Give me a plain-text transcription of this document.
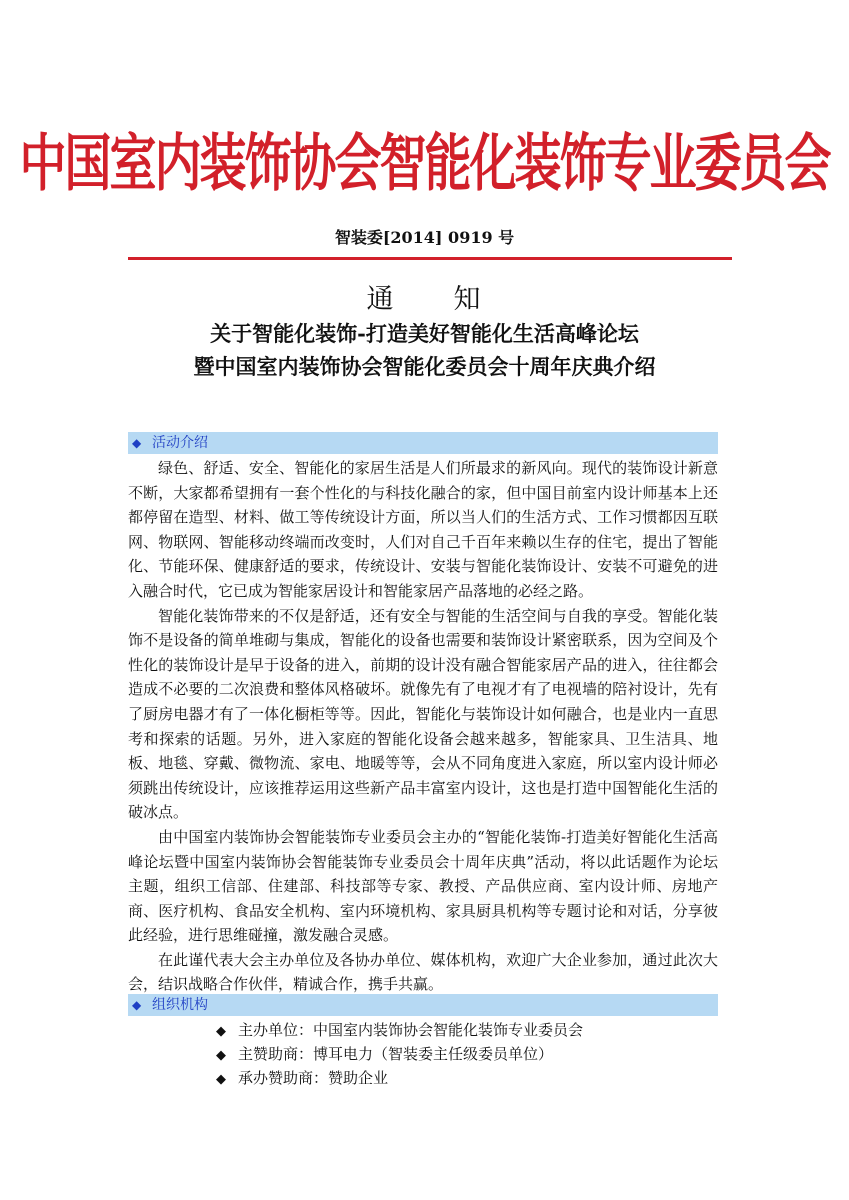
中国室内装饰协会智能化装饰专业委员会
智装委[2014] 0919 号
通　　知
关于智能化装饰-打造美好智能化生活高峰论坛
暨中国室内装饰协会智能化委员会十周年庆典介绍
◆ 活动介绍

绿色、舒适、安全、智能化的家居生活是人们所最求的新风向。现代的装饰设计新意不断，大家都希望拥有一套个性化的与科技化融合的家，但中国目前室内设计师基本上还都停留在造型、材料、做工等传统设计方面，所以当人们的生活方式、工作习惯都因互联网、物联网、智能移动终端而改变时，人们对自己千百年来赖以生存的住宅，提出了智能化、节能环保、健康舒适的要求，传统设计、安装与智能化装饰设计、安装不可避免的进入融合时代，它已成为智能家居设计和智能家居产品落地的必经之路。

智能化装饰带来的不仅是舒适，还有安全与智能的生活空间与自我的享受。智能化装饰不是设备的简单堆砌与集成，智能化的设备也需要和装饰设计紧密联系，因为空间及个性化的装饰设计是早于设备的进入，前期的设计没有融合智能家居产品的进入，往往都会造成不必要的二次浪费和整体风格破坏。就像先有了电视才有了电视墙的陪衬设计，先有了厨房电器才有了一体化橱柜等等。因此，智能化与装饰设计如何融合，也是业内一直思考和探索的话题。另外，进入家庭的智能化设备会越来越多，智能家具、卫生洁具、地板、地毯、穿戴、微物流、家电、地暖等等，会从不同角度进入家庭，所以室内设计师必须跳出传统设计，应该推荐运用这些新产品丰富室内设计，这也是打造中国智能化生活的破冰点。

由中国室内装饰协会智能装饰专业委员会主办的“智能化装饰-打造美好智能化生活高峰论坛暨中国室内装饰协会智能装饰专业委员会十周年庆典”活动，将以此话题作为论坛主题，组织工信部、住建部、科技部等专家、教授、产品供应商、室内设计师、房地产商、医疗机构、食品安全机构、室内环境机构、家具厨具机构等专题讨论和对话，分享彼此经验，进行思维碰撞，激发融合灵感。

在此谨代表大会主办单位及各协办单位、媒体机构，欢迎广大企业参加，通过此次大会，结识战略合作伙伴，精诚合作，携手共赢。

◆ 组织机构
◆ 主办单位：中国室内装饰协会智能化装饰专业委员会
◆ 主赞助商：博耳电力（智装委主任级委员单位）
◆ 承办赞助商：赞助企业
